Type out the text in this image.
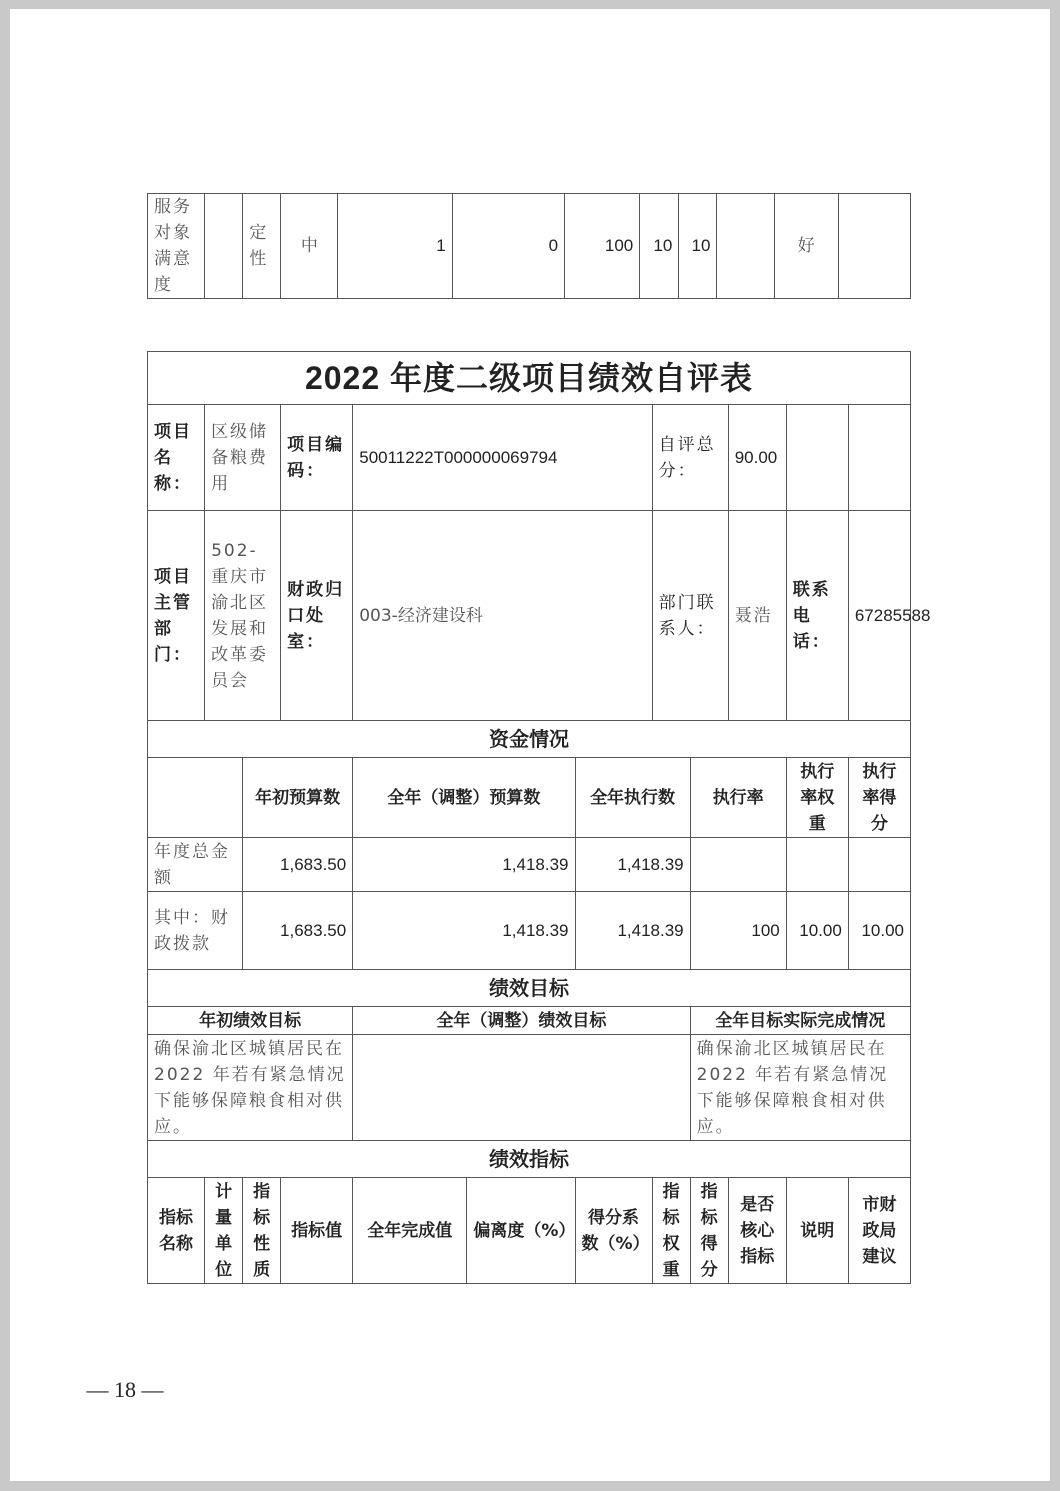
服务对象满意度		定性	中	1	0	100	10	10		好	
2022 年度二级项目绩效自评表											
项目名称：	区级储备粮费用		项目编码：	50011222T000000069794			自评总分：		90.00		
项目主管部门：	502-重庆市渝北区发展和改革委员会		财政归口处室：	003-经济建设科			部门联系人：		聂浩	联系电话：	67285588
资金情况											
		年初预算数		全年（调整）预算数		全年执行数		执行率		执行率权重	执行率得分
年度总金额		1,683.50		1,418.39		1,418.39					
其中：财政拨款		1,683.50		1,418.39		1,418.39		100		10.00	10.00
绩效目标											
年初绩效目标				全年（调整）绩效目标				全年目标实际完成情况			
确保渝北区城镇居民在 2022 年若有紧急情况下能够保障粮食相对供应。								确保渝北区城镇居民在 2022 年若有紧急情况下能够保障粮食相对供应。			
绩效指标											
指标名称	计量单位	指标性质	指标值	全年完成值	偏离度（%）	得分系数（%）	指标权重	指标得分	是否核心指标	说明	市财政局建议
— 18 —
